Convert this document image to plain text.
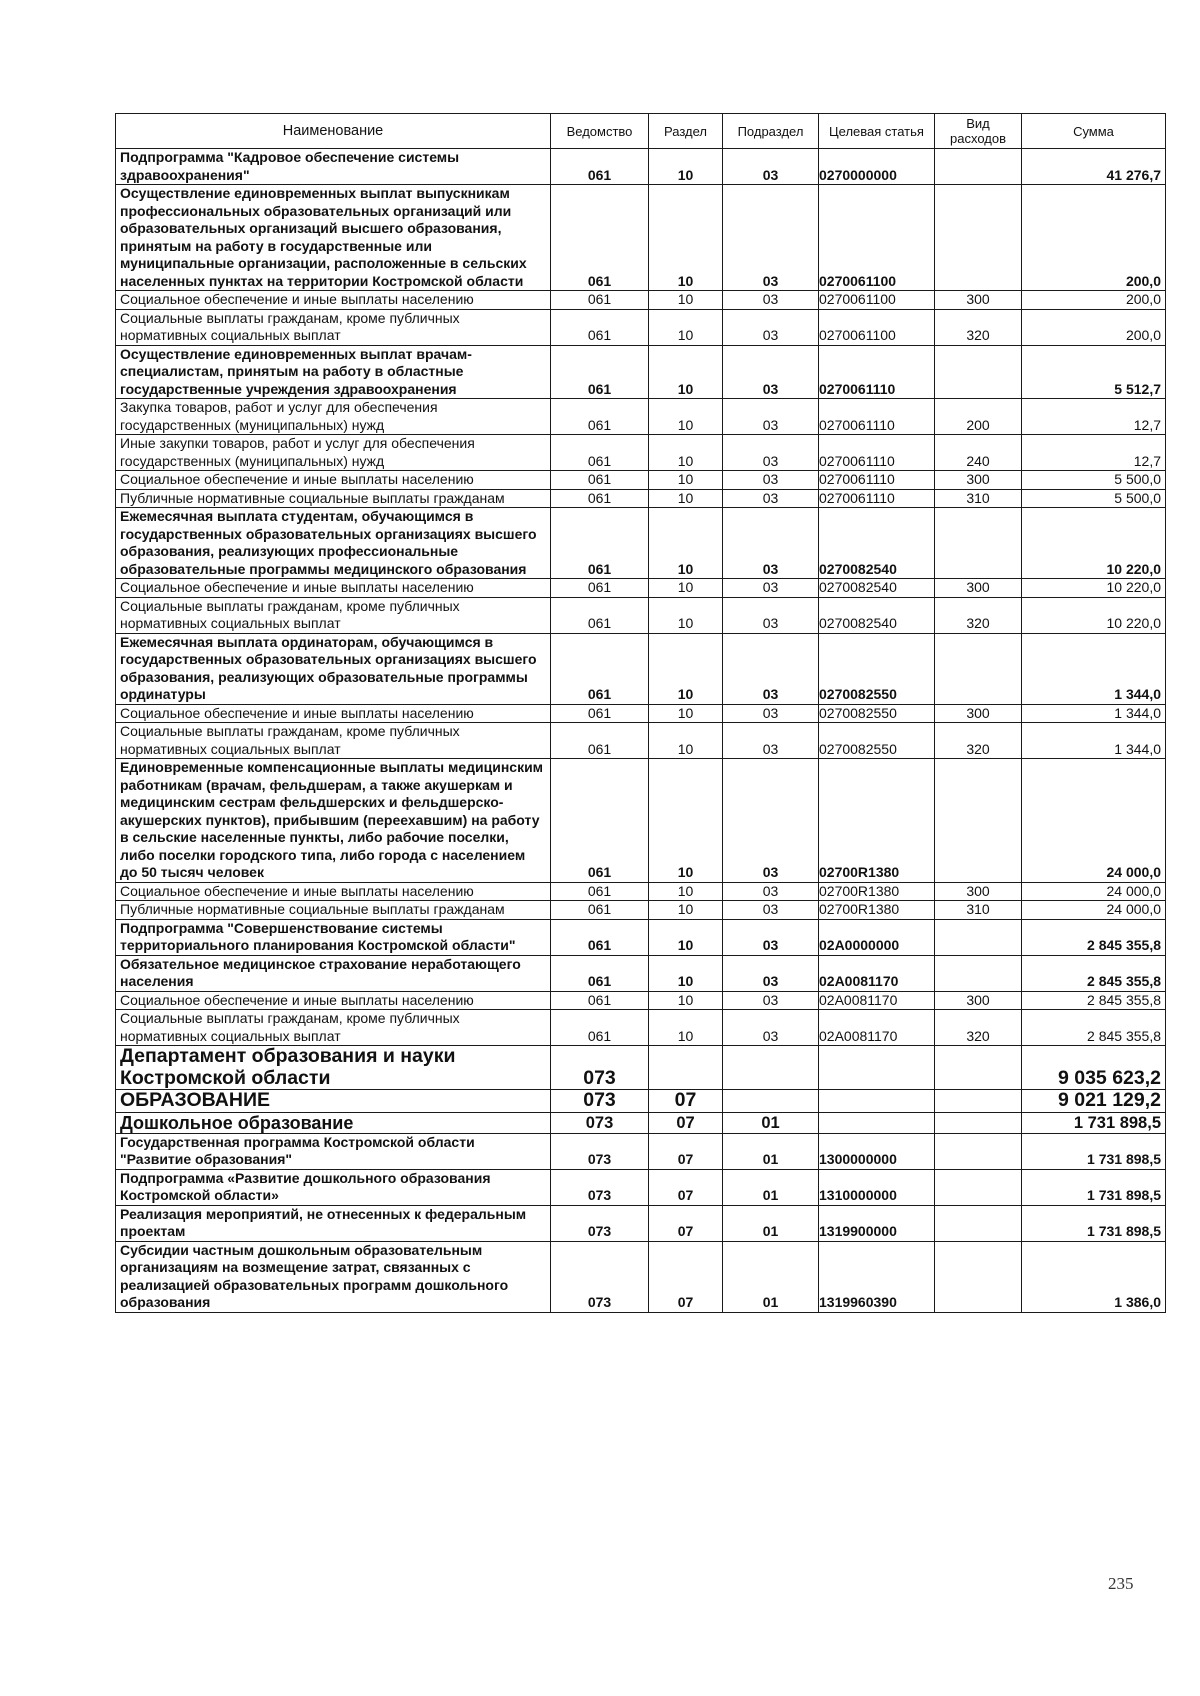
Наименование	Ведомство	Раздел	Подраздел	Целевая статья	Вид расходов	Сумма
Подпрограмма "Кадровое обеспечение системы здравоохранения"	061	10	03	0270000000		41 276,7
Осуществление единовременных выплат выпускникам профессиональных образовательных организаций или образовательных организаций высшего образования, принятым на работу в государственные или муниципальные организации, расположенные в сельских населенных пунктах на территории Костромской области	061	10	03	0270061100		200,0
Социальное обеспечение и иные выплаты населению	061	10	03	0270061100	300	200,0
Социальные выплаты гражданам, кроме публичных нормативных социальных выплат	061	10	03	0270061100	320	200,0
Осуществление единовременных выплат врачам-специалистам, принятым на работу в областные государственные учреждения здравоохранения	061	10	03	0270061110		5 512,7
Закупка товаров, работ и услуг для обеспечения государственных (муниципальных) нужд	061	10	03	0270061110	200	12,7
Иные закупки товаров, работ и услуг для обеспечения государственных (муниципальных) нужд	061	10	03	0270061110	240	12,7
Социальное обеспечение и иные выплаты населению	061	10	03	0270061110	300	5 500,0
Публичные нормативные социальные выплаты гражданам	061	10	03	0270061110	310	5 500,0
Ежемесячная выплата студентам, обучающимся в государственных образовательных организациях высшего образования, реализующих профессиональные образовательные программы медицинского образования	061	10	03	0270082540		10 220,0
Социальное обеспечение и иные выплаты населению	061	10	03	0270082540	300	10 220,0
Социальные выплаты гражданам, кроме публичных нормативных социальных выплат	061	10	03	0270082540	320	10 220,0
Ежемесячная выплата ординаторам, обучающимся в государственных образовательных организациях высшего образования, реализующих образовательные программы ординатуры	061	10	03	0270082550		1 344,0
Социальное обеспечение и иные выплаты населению	061	10	03	0270082550	300	1 344,0
Социальные выплаты гражданам, кроме публичных нормативных социальных выплат	061	10	03	0270082550	320	1 344,0
Единовременные компенсационные выплаты медицинским работникам (врачам, фельдшерам, а также акушеркам и медицинским сестрам фельдшерских и фельдшерско-акушерских пунктов), прибывшим (переехавшим) на работу в сельские населенные пункты, либо рабочие поселки, либо поселки городского типа, либо города с населением до 50 тысяч человек	061	10	03	02700R1380		24 000,0
Социальное обеспечение и иные выплаты населению	061	10	03	02700R1380	300	24 000,0
Публичные нормативные социальные выплаты гражданам	061	10	03	02700R1380	310	24 000,0
Подпрограмма "Совершенствование системы территориального планирования Костромской области"	061	10	03	02А0000000		2 845 355,8
Обязательное медицинское страхование неработающего населения	061	10	03	02А0081170		2 845 355,8
Социальное обеспечение и иные выплаты населению	061	10	03	02А0081170	300	2 845 355,8
Социальные выплаты гражданам, кроме публичных нормативных социальных выплат	061	10	03	02А0081170	320	2 845 355,8
Департамент образования и науки Костромской области	073					9 035 623,2
ОБРАЗОВАНИЕ	073	07				9 021 129,2
Дошкольное образование	073	07	01			1 731 898,5
Государственная программа Костромской области "Развитие образования"	073	07	01	1300000000		1 731 898,5
Подпрограмма «Развитие дошкольного образования Костромской области»	073	07	01	1310000000		1 731 898,5
Реализация мероприятий, не отнесенных к федеральным проектам	073	07	01	1319900000		1 731 898,5
Субсидии частным дошкольным образовательным организациям на возмещение затрат, связанных с реализацией образовательных программ дошкольного образования	073	07	01	1319960390		1 386,0
235
